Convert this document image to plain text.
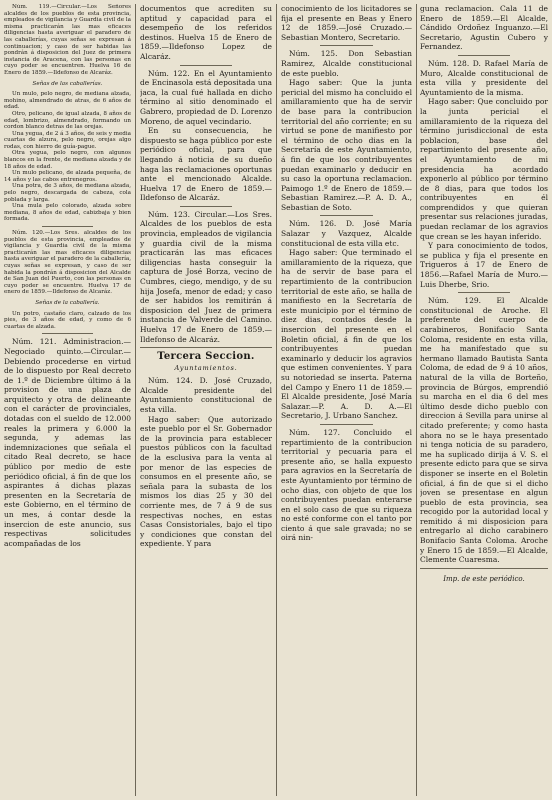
Núm. 119.—Circular.—Los Señores alcaldes de los pueblos de esta provincia, empleados de vigilancia y Guardia civil de la misma practicarán las mas eficaces diligencias hasta averiguar el paradero de las caballerías, cuyas señas se expresan á continuacion; y caso de ser habidas las pondrán á disposicion del Juez de primera instancia de Aracena, con las personas en cuyo poder se encuentren. Huelva 16 de Enero de 1859.—Ildefonso de Alcaráz.

Señas de las caballerías.

Un mulo, pelo negro, de mediana alzada, mohino, almendrado de atras, de 6 años de edad.

Otro, pelicano, de igual alzada, 8 años de edad, lombrizo, almendrado, formando un cordon blanco detras de las orejas.

Una yegua, de 2 á 3 años, de seis y media cuartas de alzura, pelo negro, orejas algo rodas, con hierro de guía-pague.

Otra yegua, pelo negro, con algunos blancos en la frente, de mediana alzada y de 18 años de edad.

Un mulo pelicano, de alzada pequeña, de 14 años y las cabos entrenegros.

Una potra, de 3 años, de mediana alzada, pelo negro, descargada de cabeza, cola poblada y larga.

Una mula pelo colorado, alzada sobre mediana, 8 años de edad, cabizbaja y bien formada.

Núm. 120.—Los Sres. alcaldes de los pueblos de esta provincia, empleados de vigilancia y Guardia civil de la misma practicarán las mas eficaces diligencias hasta averiguar el paradero de la caballería, cuyas señas se expresan, y caso de ser habida la pondrán á disposicion del Alcalde de San Juan del Puerto, con las personas en cuyo poder se encuentre. Huelva 17 de enero de 1859.—Ildefonso de Alcaráz.

Señas de la caballería.

Un potro, castaño claro, calzado de los pies, de 3 años de edad, y como de 6 cuartas de alzada.

Núm. 121. Administracion.—Negociado quinto.—Circular.—Debiendo procederse en virtud de lo dispuesto por Real decreto de 1.º de Diciembre último á la provision de una plaza de arquitecto y otra de delineante con el carácter de provinciales, dotadas con el sueldo de 12.000 reales la primera y 6.000 la segunda, y ademas las indemnizaciones que señala el citado Real decreto, se hace público por medio de este periódico oficial, á fin de que los aspirantes á dichas plazas presenten en la Secretaría de este Gobierno, en el término de un mes, á contar desde la insercion de este anuncio, sus respectivas solicitudes acompañadas de los

documentos que acrediten su aptitud y capacidad para el desempeño de los referidos destinos. Huelva 15 de Enero de 1859.—Ildefonso Lopez de Alcaráz.

Núm. 122. En el Ayuntamiento de Encinasola está depositada una jaca, la cual fué hallada en dicho término al sitio denominado el Gabrero, propiedad de D. Lorenzo Moreno, de aquel vecindario.

En su consecuencia, he dispuesto se haga público por este periódico oficial, para que llegando á noticia de su dueño haga las reclamaciones oportunas ante el mencionado Alcalde. Huelva 17 de Enero de 1859.—Ildefonso de Alcaráz.

Núm. 123. Circular.—Los Sres. Alcaldes de los pueblos de esta provincia, empleados de vigilancia y guardia civil de la misma practicarán las mas eficaces diligencias hasta conseguir la captura de José Borza, vecino de Cumbres, ciego, mendigo, y de su hija Josefa, menor de edad; y caso de ser habidos los remitirán á disposicion del Juez de primera instancia de Valverde del Camino. Huelva 17 de Enero de 1859.—Ildefonso de Alcaráz.

Tercera Seccion.
Ayuntamientos.

Núm. 124. D. José Cruzado, Alcalde presidente del Ayuntamiento constitucional de esta villa.

Hago saber: Que autorizado este pueblo por el Sr. Gobernador de la provincia para establecer puestos públicos con la facultad de la esclusiva para la venta al por menor de las especies de consumos en el presente año, se señala para la subasta de los mismos los dias 25 y 30 del corriente mes, de 7 á 9 de sus respectivas noches, en estas Casas Consistoriales, bajo el tipo y condiciones que constan del expediente. Y para

conocimiento de los licitadores se fija el presente en Beas y Enero 12 de 1859.—José Cruzado.—Sebastian Montero, Secretario.

Núm. 125. Don Sebastian Ramirez, Alcalde constitucional de este pueblo.

Hago saber: Que la junta pericial del mismo ha concluido el amillaramiento que ha de servir de base para la contribucion territorial del año corriente; en su virtud se pone de manifiesto por el término de ocho dias en la Secretaría de este Ayuntamiento, á fin de que los contribuyentes puedan examinarlo y deducir en su caso la oportuna reclamacion. Paimogo 1.º de Enero de 1859.—Sebastian Ramirez.—P. A. D. A., Sebastian de Soto.

Núm. 126. D. José María Salazar y Vazquez, Alcalde constitucional de esta villa etc.

Hago saber: Que terminado el amillaramiento de la riqueza, que ha de servir de base para el repartimiento de la contribucion territorial de este año, se halla de manifiesto en la Secretaría de este municipio por el término de diez dias, contados desde la insercion del presente en el Boletin oficial, á fin de que los contribuyentes puedan examinarlo y deducir los agravios que estimen convenientes. Y para su notoriedad se inserta. Paterna del Campo y Enero 11 de 1859.—El Alcalde presidente, José María Salazar.—P. A. D. A.—El Secretario, J. Urbano Sanchez.

Núm. 127. Concluido el repartimiento de la contribucion territorial y pecuaria para el presente año, se halla expuesto para agravios en la Secretaría de este Ayuntamiento por término de ocho dias, con objeto de que los contribuyentes puedan enterarse en el solo caso de que su riqueza no esté conforme con el tanto por ciento á que sale gravada; no se oirá nin-

guna reclamacion. Cala 11 de Enero de 1859.—El Alcalde, Cándido Ordoñez Inguanzo.—El Secretario, Agustin Cubero y Fernandez.

Núm. 128. D. Rafael María de Muro, Alcalde constitucional de esta villa y presidente del Ayuntamiento de la misma.

Hago saber: Que concluido por la junta pericial el amillaramiento de la riqueza del término jurisdiccional de esta poblacion, base del repartimiento del presente año, el Ayuntamiento de mi presidencia ha acordado exponerlo al público por término de 8 dias, para que todos los contribuyentes en él comprendidos y que quieran presentar sus relaciones juradas, puedan reclamar de los agravios que crean se les hayan inferido.

Y para conocimiento de todos, se publica y fija el presente en Trigueros á 17 de Enero de 1856.—Rafael María de Muro.—Luis Dherbe, Srio.

Núm. 129. El Alcalde constitucional de Aroche. El preferente del cuerpo de carabineros, Bonifacio Santa Coloma, residente en esta villa, me ha manifestado que su hermano llamado Bautista Santa Coloma, de edad de 9 á 10 años, natural de la villa de Borteño, provincia de Búrgos, emprendió su marcha en el dia 6 del mes último desde dicho pueblo con direccion á Sevilla para unirse al citado preferente; y como hasta ahora no se le haya presentado ni tenga noticia de su paradero, me ha suplicado dirija á V. S. el presente edicto para que se sirva disponer se inserte en el Boletin oficial, á fin de que si el dicho joven se presentase en algun pueblo de esta provincia, sea recogido por la autoridad local y remitido á mi disposicion para entregarlo al dicho carabinero Bonifacio Santa Coloma. Aroche y Enero 15 de 1859.—El Alcalde, Clemente Cuaresma.

Imp. de este periódico.
